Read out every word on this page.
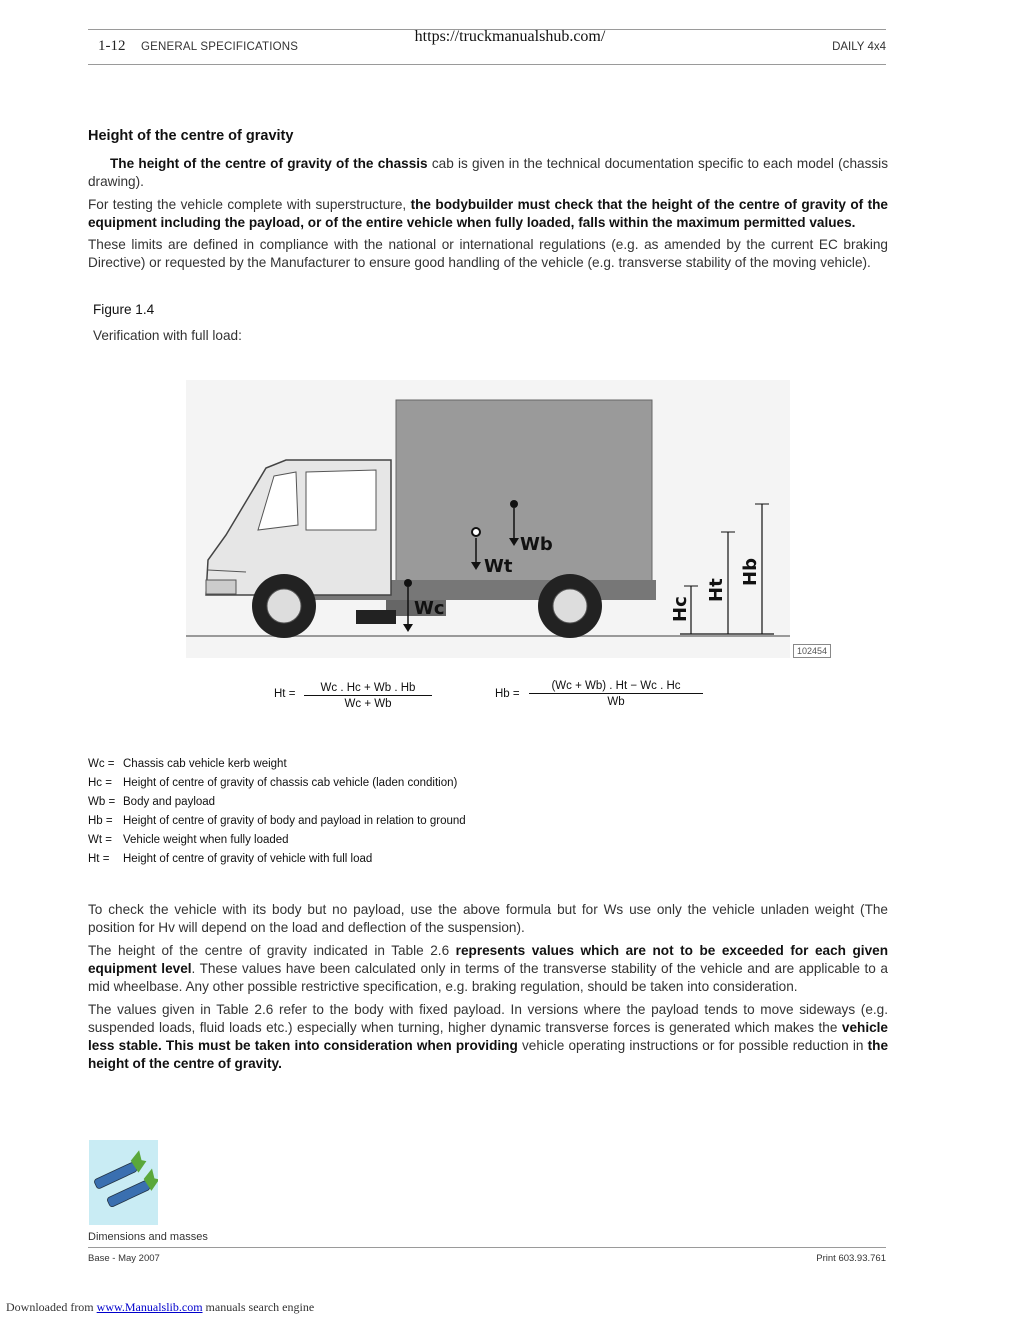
https://truckmanualshub.com/
1-12 GENERAL SPECIFICATIONS	DAILY 4x4
Height of the centre of gravity

The height of the centre of gravity of the chassis cab is given in the technical documentation specific to each model (chassis drawing).

For testing the vehicle complete with superstructure, the bodybuilder must check that the height of the centre of gravity of the equipment including the payload, or of the entire vehicle when fully loaded, falls within the maximum permitted values.

These limits are defined in compliance with the national or international regulations (e.g. as amended by the current EC braking Directive) or requested by the Manufacturer to ensure good handling of the vehicle (e.g. transverse stability of the moving vehicle).

Figure 1.4
Verification with full load:
Wb
Wt
Wc	Hc
Ht
Hb
102454
$Ht = \frac{Wc . Hc + Wb . Hb}{Wc + Wb}$	$Hb = \frac{(Wc + Wb) . Ht - Wc . Hc}{Wb}$
Wc = Chassis cab vehicle kerb weight
Hc = Height of centre of gravity of chassis cab vehicle (laden condition)
Wb = Body and payload
Hb = Height of centre of gravity of body and payload in relation to ground
Wt = Vehicle weight when fully loaded
Ht = Height of centre of gravity of vehicle with full load

To check the vehicle with its body but no payload, use the above formula but for Ws use only the vehicle unladen weight (The position for Hv will depend on the load and deflection of the suspension).

The height of the centre of gravity indicated in Table 2.6 represents values which are not to be exceeded for each given equipment level. These values have been calculated only in terms of the transverse stability of the vehicle and are applicable to a mid wheelbase. Any other possible restrictive specification, e.g. braking regulation, should be taken into consideration.

The values given in Table 2.6 refer to the body with fixed payload. In versions where the payload tends to move sideways (e.g. suspended loads, fluid loads etc.) especially when turning, higher dynamic transverse forces is generated which makes the vehicle less stable. This must be taken into consideration when providing vehicle operating instructions or for possible reduction in the height of the centre of gravity.

Dimensions and masses
Base - May 2007	Print 603.93.761
Downloaded from www.Manualslib.com manuals search engine
